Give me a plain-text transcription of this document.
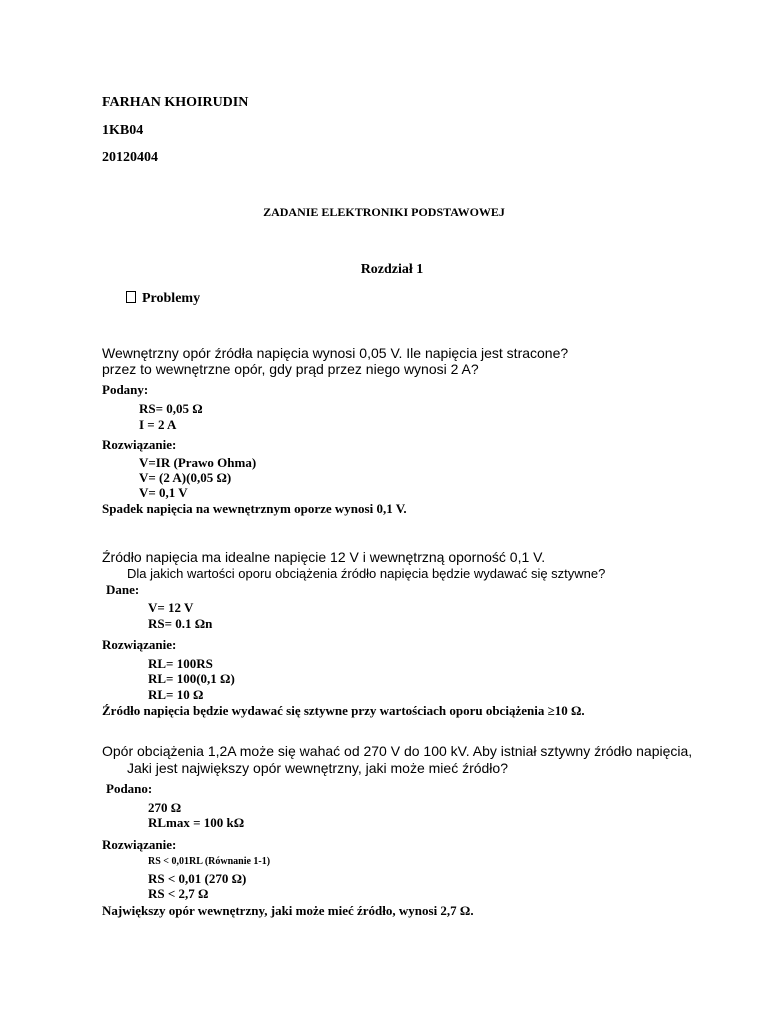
FARHAN KHOIRUDIN
1KB04
20120404
ZADANIE ELEKTRONIKI PODSTAWOWEJ
Rozdział 1
Problemy
Wewnętrzny opór źródła napięcia wynosi 0,05 V. Ile napięcia jest stracone?
przez to wewnętrzne opór, gdy prąd przez niego wynosi 2 A?
Podany:
RS= 0,05 Ω
I = 2 A
Rozwiązanie:
V=IR (Prawo Ohma)
V= (2 A)(0,05 Ω)
V= 0,1 V
Spadek napięcia na wewnętrznym oporze wynosi 0,1 V.
Źródło napięcia ma idealne napięcie 12 V i wewnętrzną oporność 0,1 V.
Dla jakich wartości oporu obciążenia źródło napięcia będzie wydawać się sztywne?
Dane:
V= 12 V
RS= 0.1 Ωn
Rozwiązanie:
RL= 100RS
RL= 100(0,1 Ω)
RL= 10 Ω
Źródło napięcia będzie wydawać się sztywne przy wartościach oporu obciążenia ≥10 Ω.
Opór obciążenia 1,2A może się wahać od 270 V do 100 kV. Aby istniał sztywny źródło napięcia,
Jaki jest największy opór wewnętrzny, jaki może mieć źródło?
Podano:
270 Ω
RLmax = 100 kΩ
Rozwiązanie:
RS < 0,01RL (Równanie 1-1)
RS < 0,01 (270 Ω)
RS < 2,7 Ω
Największy opór wewnętrzny, jaki może mieć źródło, wynosi 2,7 Ω.
